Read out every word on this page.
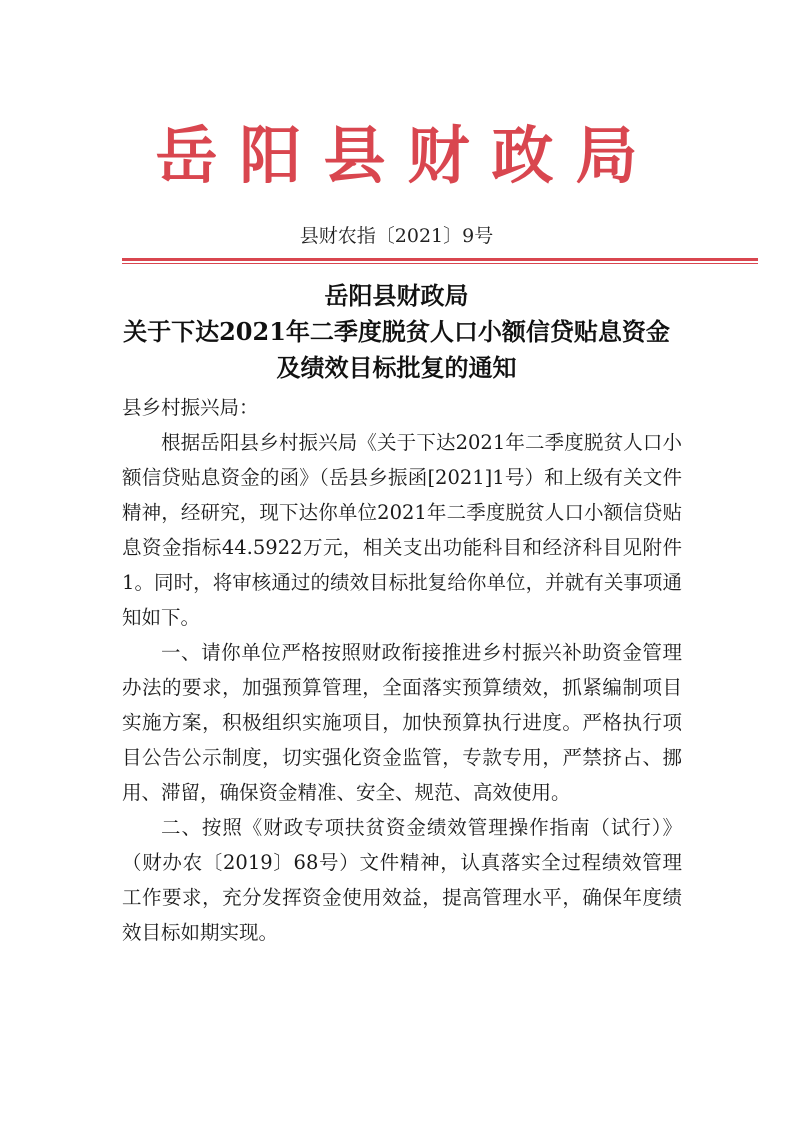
岳阳县财政局
县财农指〔2021〕9号
岳阳县财政局
关于下达2021年二季度脱贫人口小额信贷贴息资金
及绩效目标批复的通知

县乡村振兴局：

根据岳阳县乡村振兴局《关于下达2021年二季度脱贫人口小额信贷贴息资金的函》（岳县乡振函[2021]1号）和上级有关文件精神，经研究，现下达你单位2021年二季度脱贫人口小额信贷贴息资金指标44.5922万元，相关支出功能科目和经济科目见附件1。同时，将审核通过的绩效目标批复给你单位，并就有关事项通知如下。

一、请你单位严格按照财政衔接推进乡村振兴补助资金管理办法的要求，加强预算管理，全面落实预算绩效，抓紧编制项目实施方案，积极组织实施项目，加快预算执行进度。严格执行项目公告公示制度，切实强化资金监管，专款专用，严禁挤占、挪用、滞留，确保资金精准、安全、规范、高效使用。

二、按照《财政专项扶贫资金绩效管理操作指南（试行）》（财办农〔2019〕68号）文件精神，认真落实全过程绩效管理工作要求，充分发挥资金使用效益，提高管理水平，确保年度绩效目标如期实现。
